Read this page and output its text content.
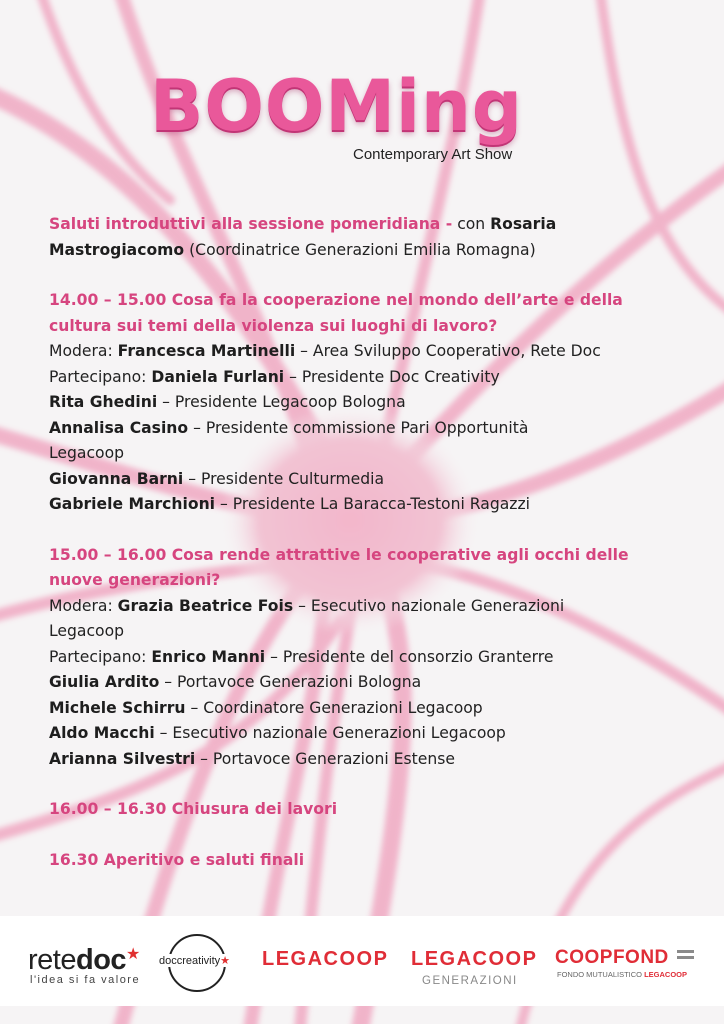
BOOMing
Contemporary Art Show

Saluti introduttivi alla sessione pomeridiana - con Rosaria

Mastrogiacomo (Coordinatrice Generazioni Emilia Romagna)

14.00 – 15.00 Cosa fa la cooperazione nel mondo dell’arte e della

cultura sui temi della violenza sui luoghi di lavoro?

Modera: Francesca Martinelli – Area Sviluppo Cooperativo, Rete Doc

Partecipano: Daniela Furlani – Presidente Doc Creativity

Rita Ghedini – Presidente Legacoop Bologna

Annalisa Casino – Presidente commissione Pari Opportunità

Legacoop

Giovanna Barni – Presidente Culturmedia

Gabriele Marchioni – Presidente La Baracca-Testoni Ragazzi

15.00 – 16.00 Cosa rende attrattive le cooperative agli occhi delle

nuove generazioni?

Modera: Grazia Beatrice Fois – Esecutivo nazionale Generazioni

Legacoop

Partecipano: Enrico Manni – Presidente del consorzio Granterre

Giulia Ardito – Portavoce Generazioni Bologna

Michele Schirru – Coordinatore Generazioni Legacoop

Aldo Macchi – Esecutivo nazionale Generazioni Legacoop

Arianna Silvestri – Portavoce Generazioni Estense

16.00 – 16.30 Chiusura dei lavori

16.30 Aperitivo e saluti finali

retedoc★
l'idea si fa valore
doccreativity★ LEGACOOP LEGACOOP
GENERAZIONI
COOPFOND
FONDO MUTUALISTICO LEGACOOP
